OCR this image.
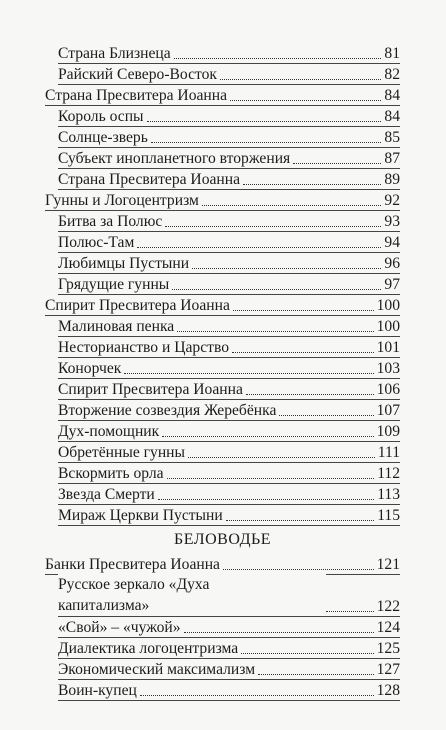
Страна Близнеца	81
Райский Северо-Восток	82
Страна Пресвитера Иоанна	84
Король оспы	84
Солнце-зверь	85
Субъект инопланетного вторжения	87
Страна Пресвитера Иоанна	89
Гунны и Логоцентризм	92
Битва за Полюс	93
Полюс-Там	94
Любимцы Пустыни	96
Грядущие гунны	97
Спирит Пресвитера Иоанна	100
Малиновая пенка	100
Несторианство и Царство	101
Конорчек	103
Спирит Пресвитера Иоанна	106
Вторжение созвездия Жеребёнка	107
Дух-помощник	109
Обретённые гунны	111
Вскормить орла	112
Звезда Смерти	113
Мираж Церкви Пустыни	115
БЕЛОВОДЬЕ
Банки Пресвитера Иоанна	121
Русское зеркало «Духа
капитализма»	122
«Свой» – «чужой»	124
Диалектика логоцентризма	125
Экономический максимализм	127
Воин-купец	128
